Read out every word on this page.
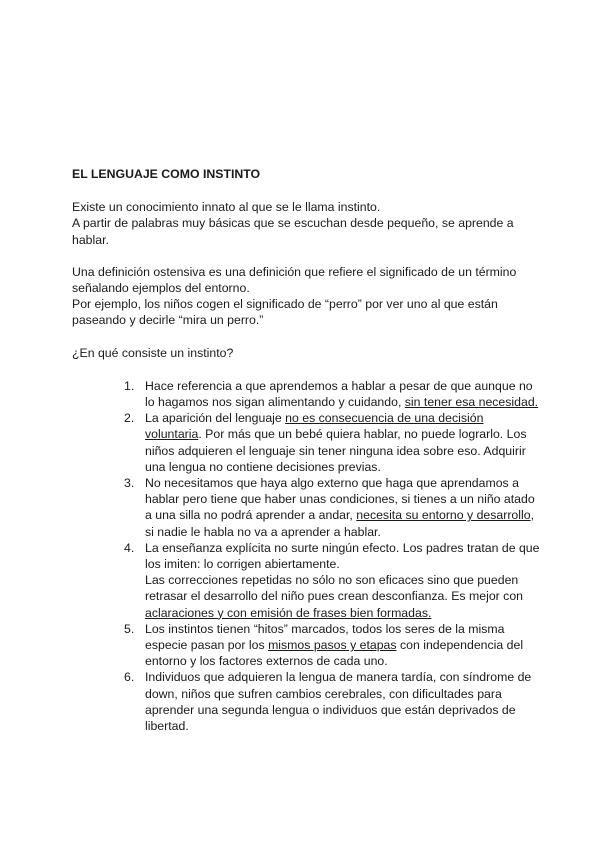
EL LENGUAJE COMO INSTINTO

Existe un conocimiento innato al que se le llama instinto.

A partir de palabras muy básicas que se escuchan desde pequeño, se aprende a hablar.

Una definición ostensiva es una definición que refiere el significado de un término señalando ejemplos del entorno.

Por ejemplo, los niños cogen el significado de “perro” por ver uno al que están paseando y decirle “mira un perro.”

¿En qué consiste un instinto?

1. Hace referencia a que aprendemos a hablar a pesar de que aunque no lo hagamos nos sigan alimentando y cuidando, sin tener esa necesidad.
2. La aparición del lenguaje no es consecuencia de una decisión voluntaria. Por más que un bebé quiera hablar, no puede lograrlo. Los niños adquieren el lenguaje sin tener ninguna idea sobre eso. Adquirir una lengua no contiene decisiones previas.
3. No necesitamos que haya algo externo que haga que aprendamos a hablar pero tiene que haber unas condiciones, si tienes a un niño atado a una silla no podrá aprender a andar, necesita su entorno y desarrollo, si nadie le habla no va a aprender a hablar.
4. La enseñanza explícita no surte ningún efecto. Los padres tratan de que los imiten: lo corrigen abiertamente.
Las correcciones repetidas no sólo no son eficaces sino que pueden retrasar el desarrollo del niño pues crean desconfianza. Es mejor con aclaraciones y con emisión de frases bien formadas.
5. Los instintos tienen “hitos” marcados, todos los seres de la misma especie pasan por los mismos pasos y etapas con independencia del entorno y los factores externos de cada uno.
6. Individuos que adquieren la lengua de manera tardía, con síndrome de down, niños que sufren cambios cerebrales, con dificultades para aprender una segunda lengua o individuos que están deprivados de libertad.
